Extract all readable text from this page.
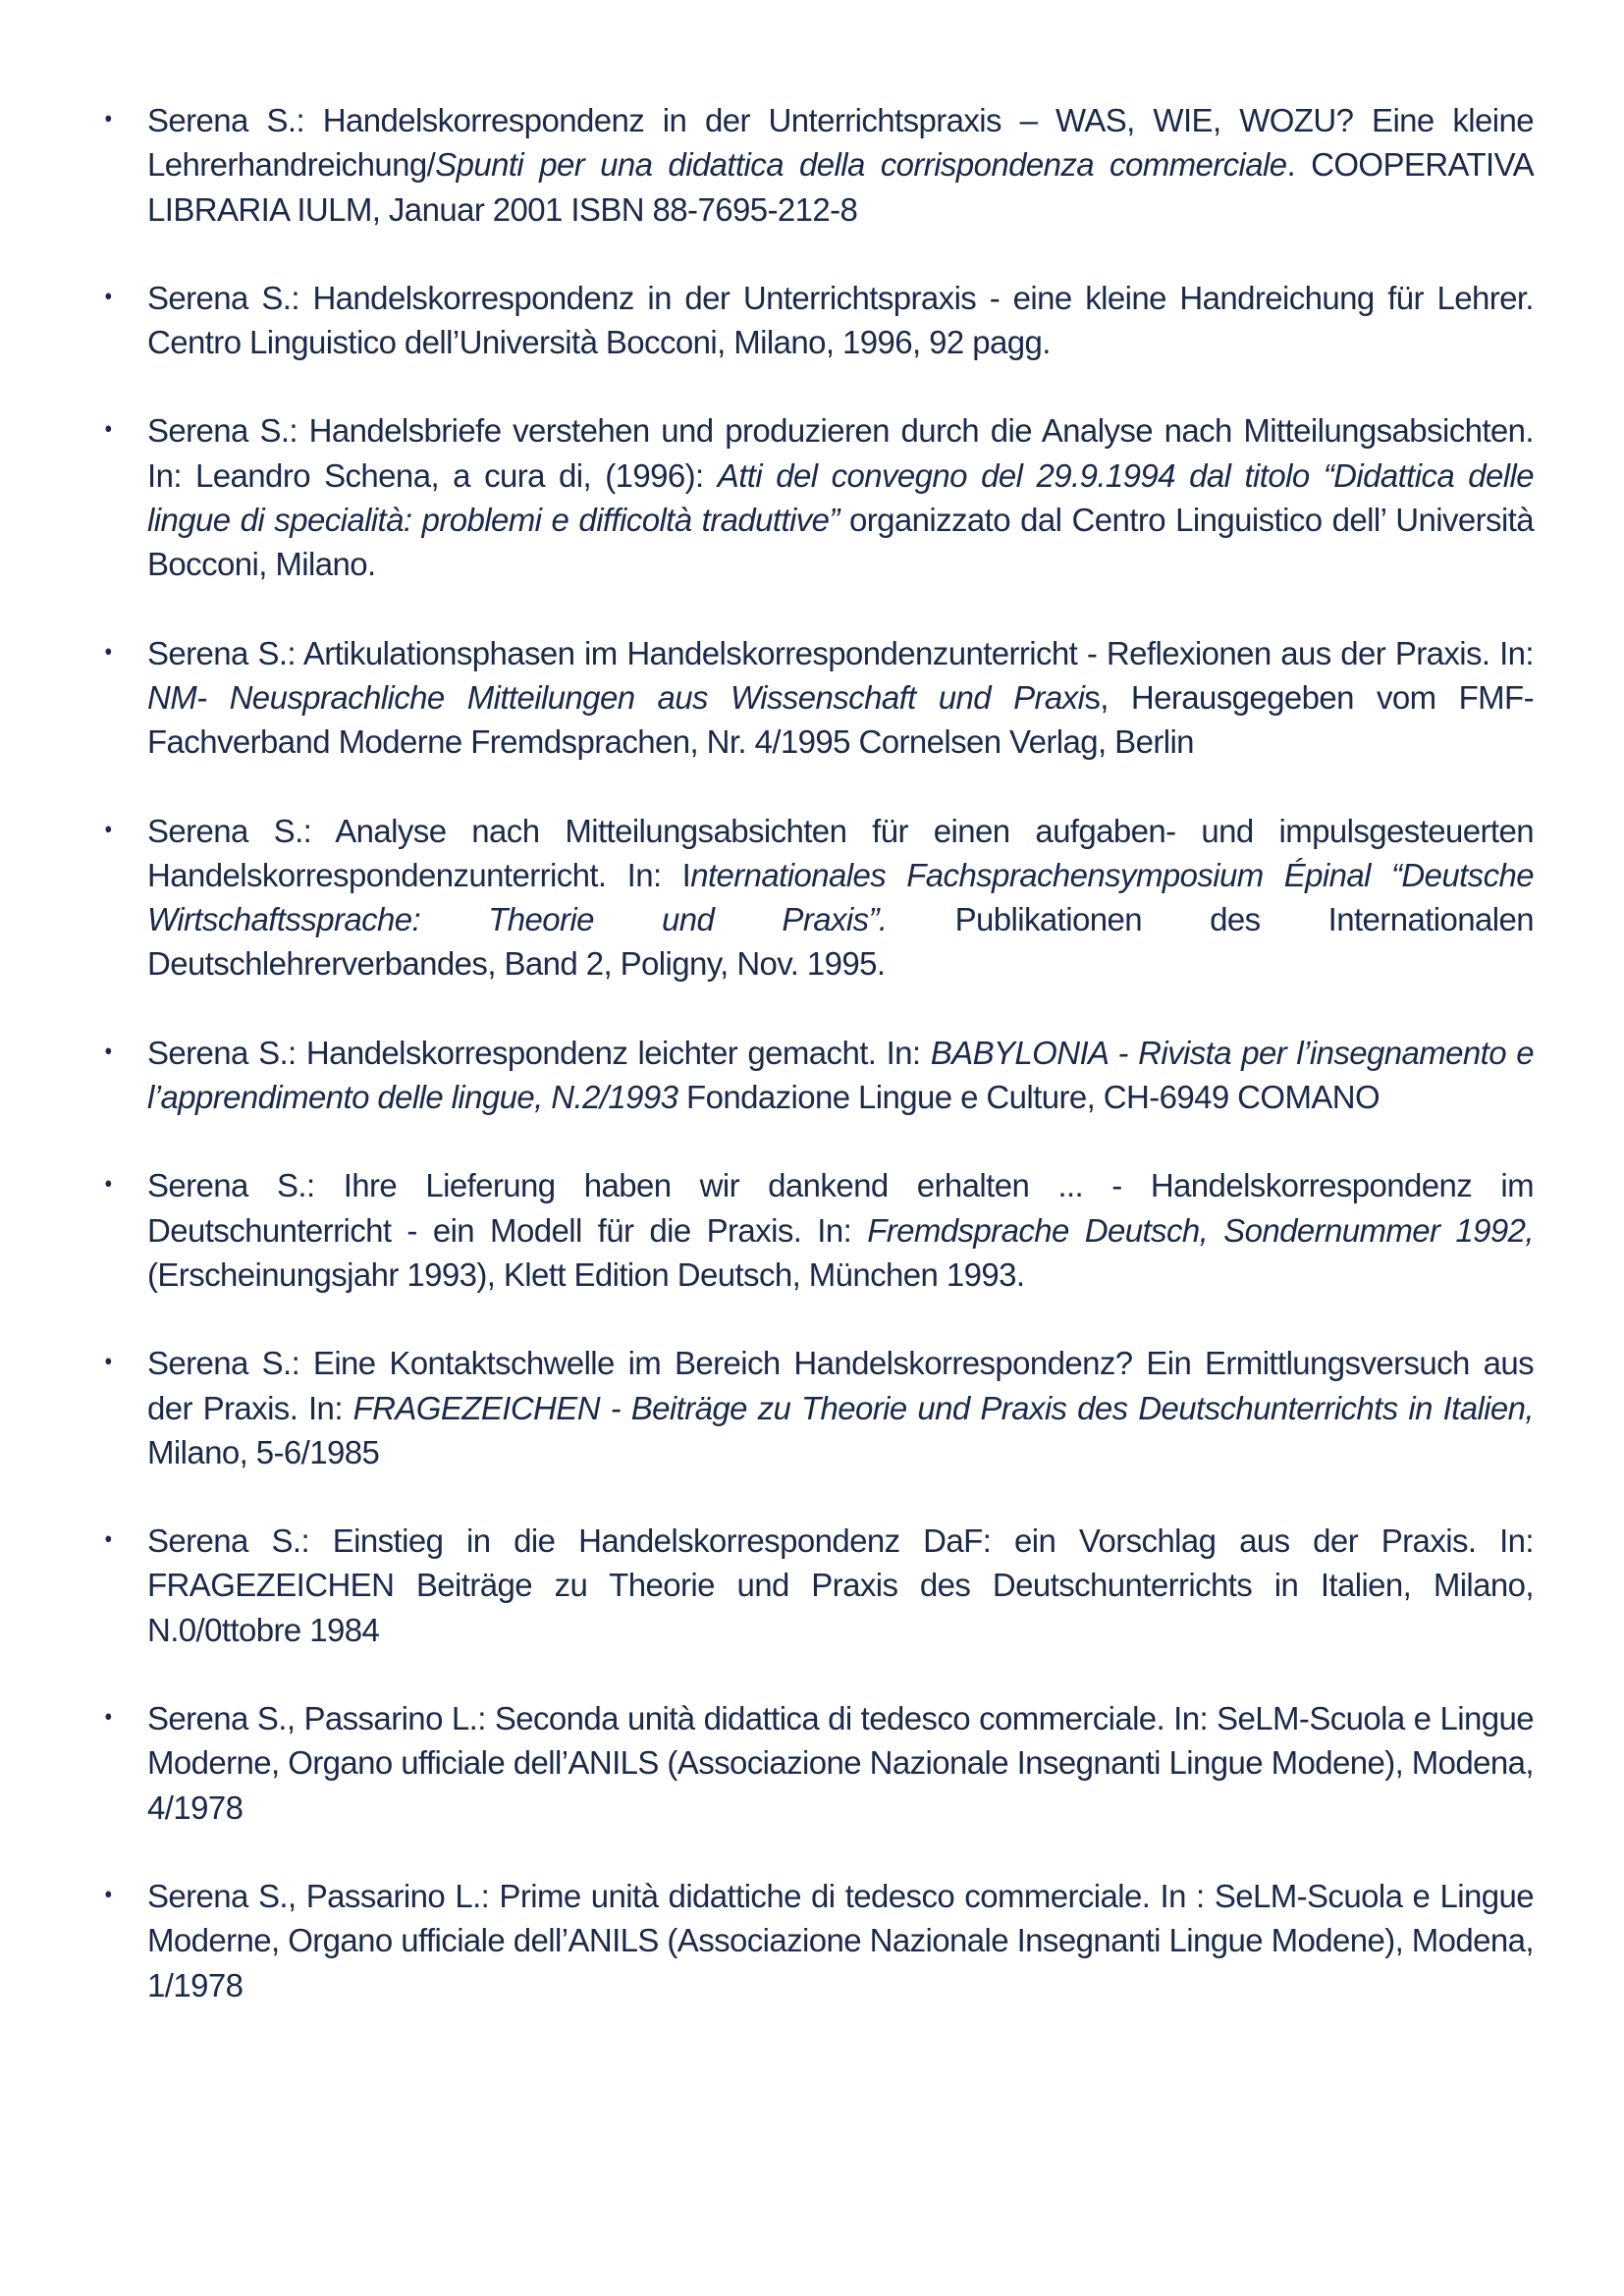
• Serena S.: Handelskorrespondenz in der Unterrichtspraxis – WAS, WIE, WOZU? Eine kleine Lehrerhandreichung/Spunti per una didattica della corrispondenza commerciale. COOPERATIVA LIBRARIA IULM, Januar 2001 ISBN 88-7695-212-8
• Serena S.: Handelskorrespondenz in der Unterrichtspraxis - eine kleine Handreichung für Lehrer. Centro Linguistico dell’Università Bocconi, Milano, 1996, 92 pagg.
• Serena S.: Handelsbriefe verstehen und produzieren durch die Analyse nach Mitteilungsabsichten. In: Leandro Schena, a cura di, (1996): Atti del convegno del 29.9.1994 dal titolo “Didattica delle lingue di specialità: problemi e difficoltà traduttive” organizzato dal Centro Linguistico dell’ Università Bocconi, Milano.
• Serena S.: Artikulationsphasen im Handelskorrespondenzunterricht - Reflexionen aus der Praxis. In: NM- Neusprachliche Mitteilungen aus Wissenschaft und Praxis, Herausgegeben vom FMF-Fachverband Moderne Fremdsprachen, Nr. 4/1995 Cornelsen Verlag, Berlin
• Serena S.: Analyse nach Mitteilungsabsichten für einen aufgaben- und impulsgesteuerten Handelskorrespondenzunterricht. In: Internationales Fachsprachensymposium Épinal “Deutsche Wirtschaftssprache: Theorie und Praxis”. Publikationen des Internationalen Deutschlehrerverbandes, Band 2, Poligny, Nov. 1995.
• Serena S.: Handelskorrespondenz leichter gemacht. In: BABYLONIA - Rivista per l’insegnamento e l’apprendimento delle lingue, N.2/1993 Fondazione Lingue e Culture, CH-6949 COMANO
• Serena S.: Ihre Lieferung haben wir dankend erhalten ... - Handelskorrespondenz im Deutschunterricht - ein Modell für die Praxis. In: Fremdsprache Deutsch, Sondernummer 1992, (Erscheinungsjahr 1993), Klett Edition Deutsch, München 1993.
• Serena S.: Eine Kontaktschwelle im Bereich Handelskorrespondenz? Ein Ermittlungsversuch aus der Praxis. In: FRAGEZEICHEN - Beiträge zu Theorie und Praxis des Deutschunterrichts in Italien, Milano, 5-6/1985
• Serena S.: Einstieg in die Handelskorrespondenz DaF: ein Vorschlag aus der Praxis. In: FRAGEZEICHEN Beiträge zu Theorie und Praxis des Deutschunterrichts in Italien, Milano, N.0/0ttobre 1984
• Serena S., Passarino L.: Seconda unità didattica di tedesco commerciale. In: SeLM-Scuola e Lingue Moderne, Organo ufficiale dell’ANILS (Associazione Nazionale Insegnanti Lingue Modene), Modena, 4/1978
• Serena S., Passarino L.: Prime unità didattiche di tedesco commerciale. In : SeLM-Scuola e Lingue Moderne, Organo ufficiale dell’ANILS (Associazione Nazionale Insegnanti Lingue Modene), Modena, 1/1978
